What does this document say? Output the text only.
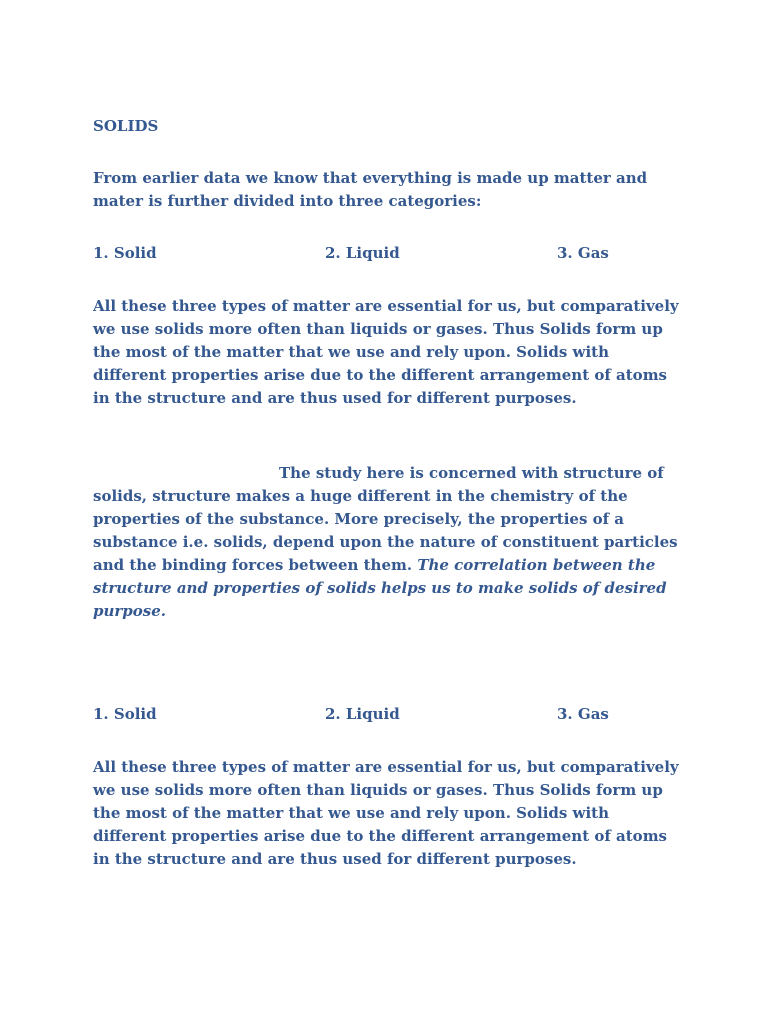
SOLIDS
From earlier data we know that everything is made up matter and mater is further divided into three categories:
1. Solid	2. Liquid	3. Gas
All these three types of matter are essential for us, but comparatively we use solids more often than liquids or gases. Thus Solids form up the most of the matter that we use and rely upon. Solids with different properties arise due to the different arrangement of atoms in the structure and are thus used for different purposes.
The study here is concerned with structure of solids, structure makes a huge different in the chemistry of the properties of the substance. More precisely, the properties of a substance i.e. solids, depend upon the nature of constituent particles and the binding forces between them. The correlation between the structure and properties of solids helps us to make solids of desired purpose.
1. Solid	2. Liquid	3. Gas
All these three types of matter are essential for us, but comparatively we use solids more often than liquids or gases. Thus Solids form up the most of the matter that we use and rely upon. Solids with different properties arise due to the different arrangement of atoms in the structure and are thus used for different purposes.
